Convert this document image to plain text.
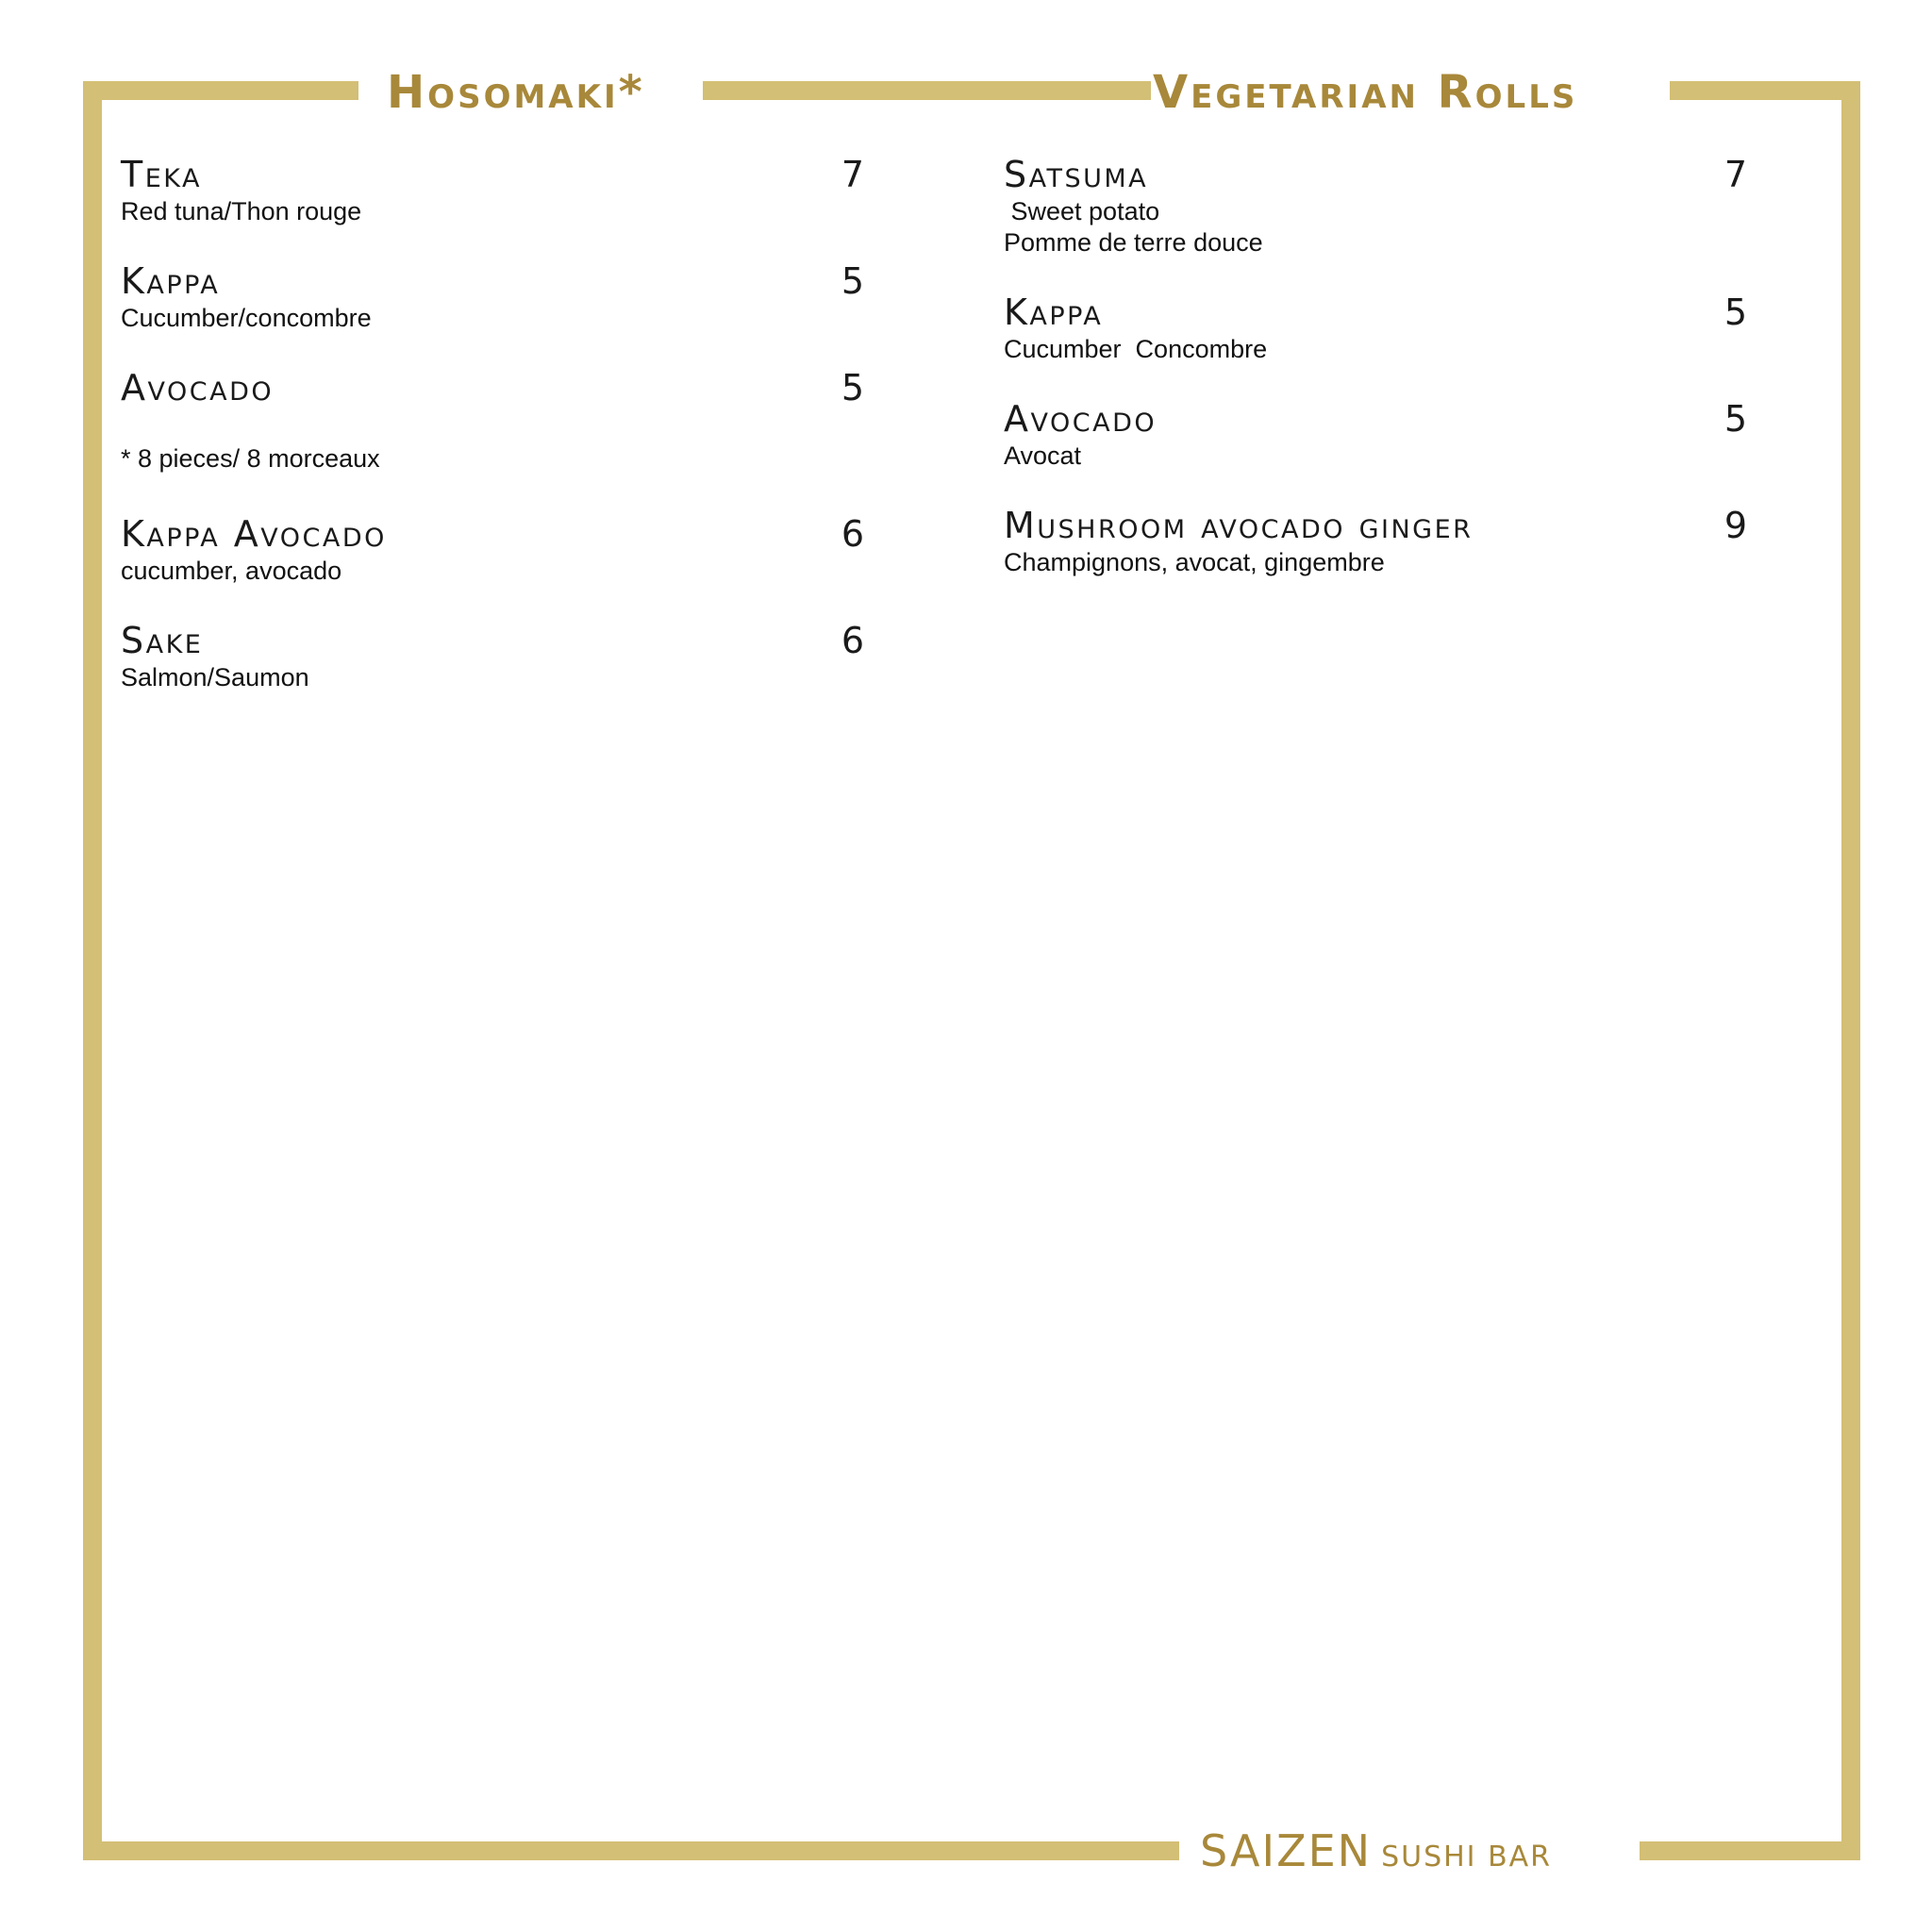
Hosomaki*	Vegetarian Rolls
Teka	7
Red tuna/Thon rouge
Kappa	5
Cucumber/concombre
Avocado	5
* 8 pieces/ 8 morceaux
Kappa Avocado	6
cucumber, avocado
Sake	6
Salmon/Saumon
Satsuma	7
Sweet potato
Pomme de terre douce
Kappa	5
Cucumber  Concombre
Avocado	5
Avocat
Mushroom avocado ginger	9
Champignons, avocat, gingembre
SAIZEN SUSHI BAR
